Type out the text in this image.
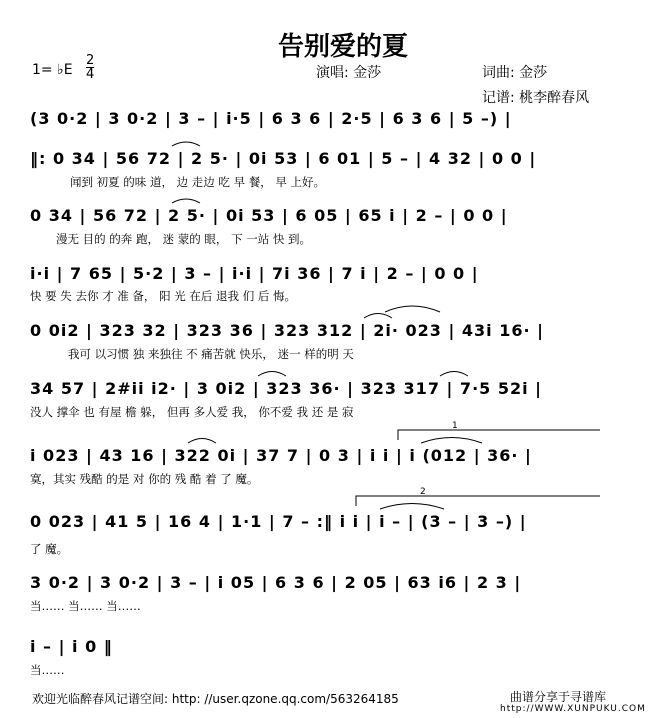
告别爱的夏
1= ♭E
2
4	演唱: 金莎	词曲: 金莎
记谱: 桃李醉春风
(3 0·2 | 3 0·2 | 3 – | i·5 | 6 3 6 | 2·5 | 6 3 6 | 5 –) |
‖: 0 34 | 56 72 | 2 5· | 0i 53 | 6 01 | 5 – | 4 32 | 0 0 |
闻到 初夏 的味 道， 边 走边 吃 早 餐， 早 上好。
0 34 | 56 72 | 2 5· | 0i 53 | 6 05 | 65 i | 2 – | 0 0 |
漫无 目的 的奔 跑， 迷 蒙的 眼， 下 一站 快 到。
i·i | 7 65 | 5·2 | 3 – | i·i | 7i 36 | 7 i | 2 – | 0 0 |
快 要 失 去你 才 准 备， 阳 光 在后 退我 们 后 悔。
0 0i2 | 323 32 | 323 36 | 323 312 | 2i· 023 | 43i 16· |
我可 以习惯 独 来独往 不 痛苦就 快乐， 迷一 样的明 天
34 57 | 2#ii i2· | 3 0i2 | 323 36· | 323 317 | 7·5 52i |
没人 撑伞 也 有屋 檐 躲， 但再 多人爱 我， 你不爱 我 还 是 寂
i 023 | 43 16 | 322 0i | 37 7 | 0 3 | i i | i (012 | 36· |
寞，其实 残酷 的是 对 你的 残 酷 着 了 魔。
0 023 | 41 5 | 16 4 | 1·1 | 7 – :‖ i i | i – | (3 – | 3 –) |
了 魔。
3 0·2 | 3 0·2 | 3 – | i 05 | 6 3 6 | 2 05 | 63 i6 | 2 3 |
当…… 当…… 当……
i – | i 0 ‖
当……
1
2
欢迎光临醉春风记谱空间: http: //user.qzone.qq.com/563264185	曲谱分享于寻谱库
http://WWW.XUNPUKU.COM
